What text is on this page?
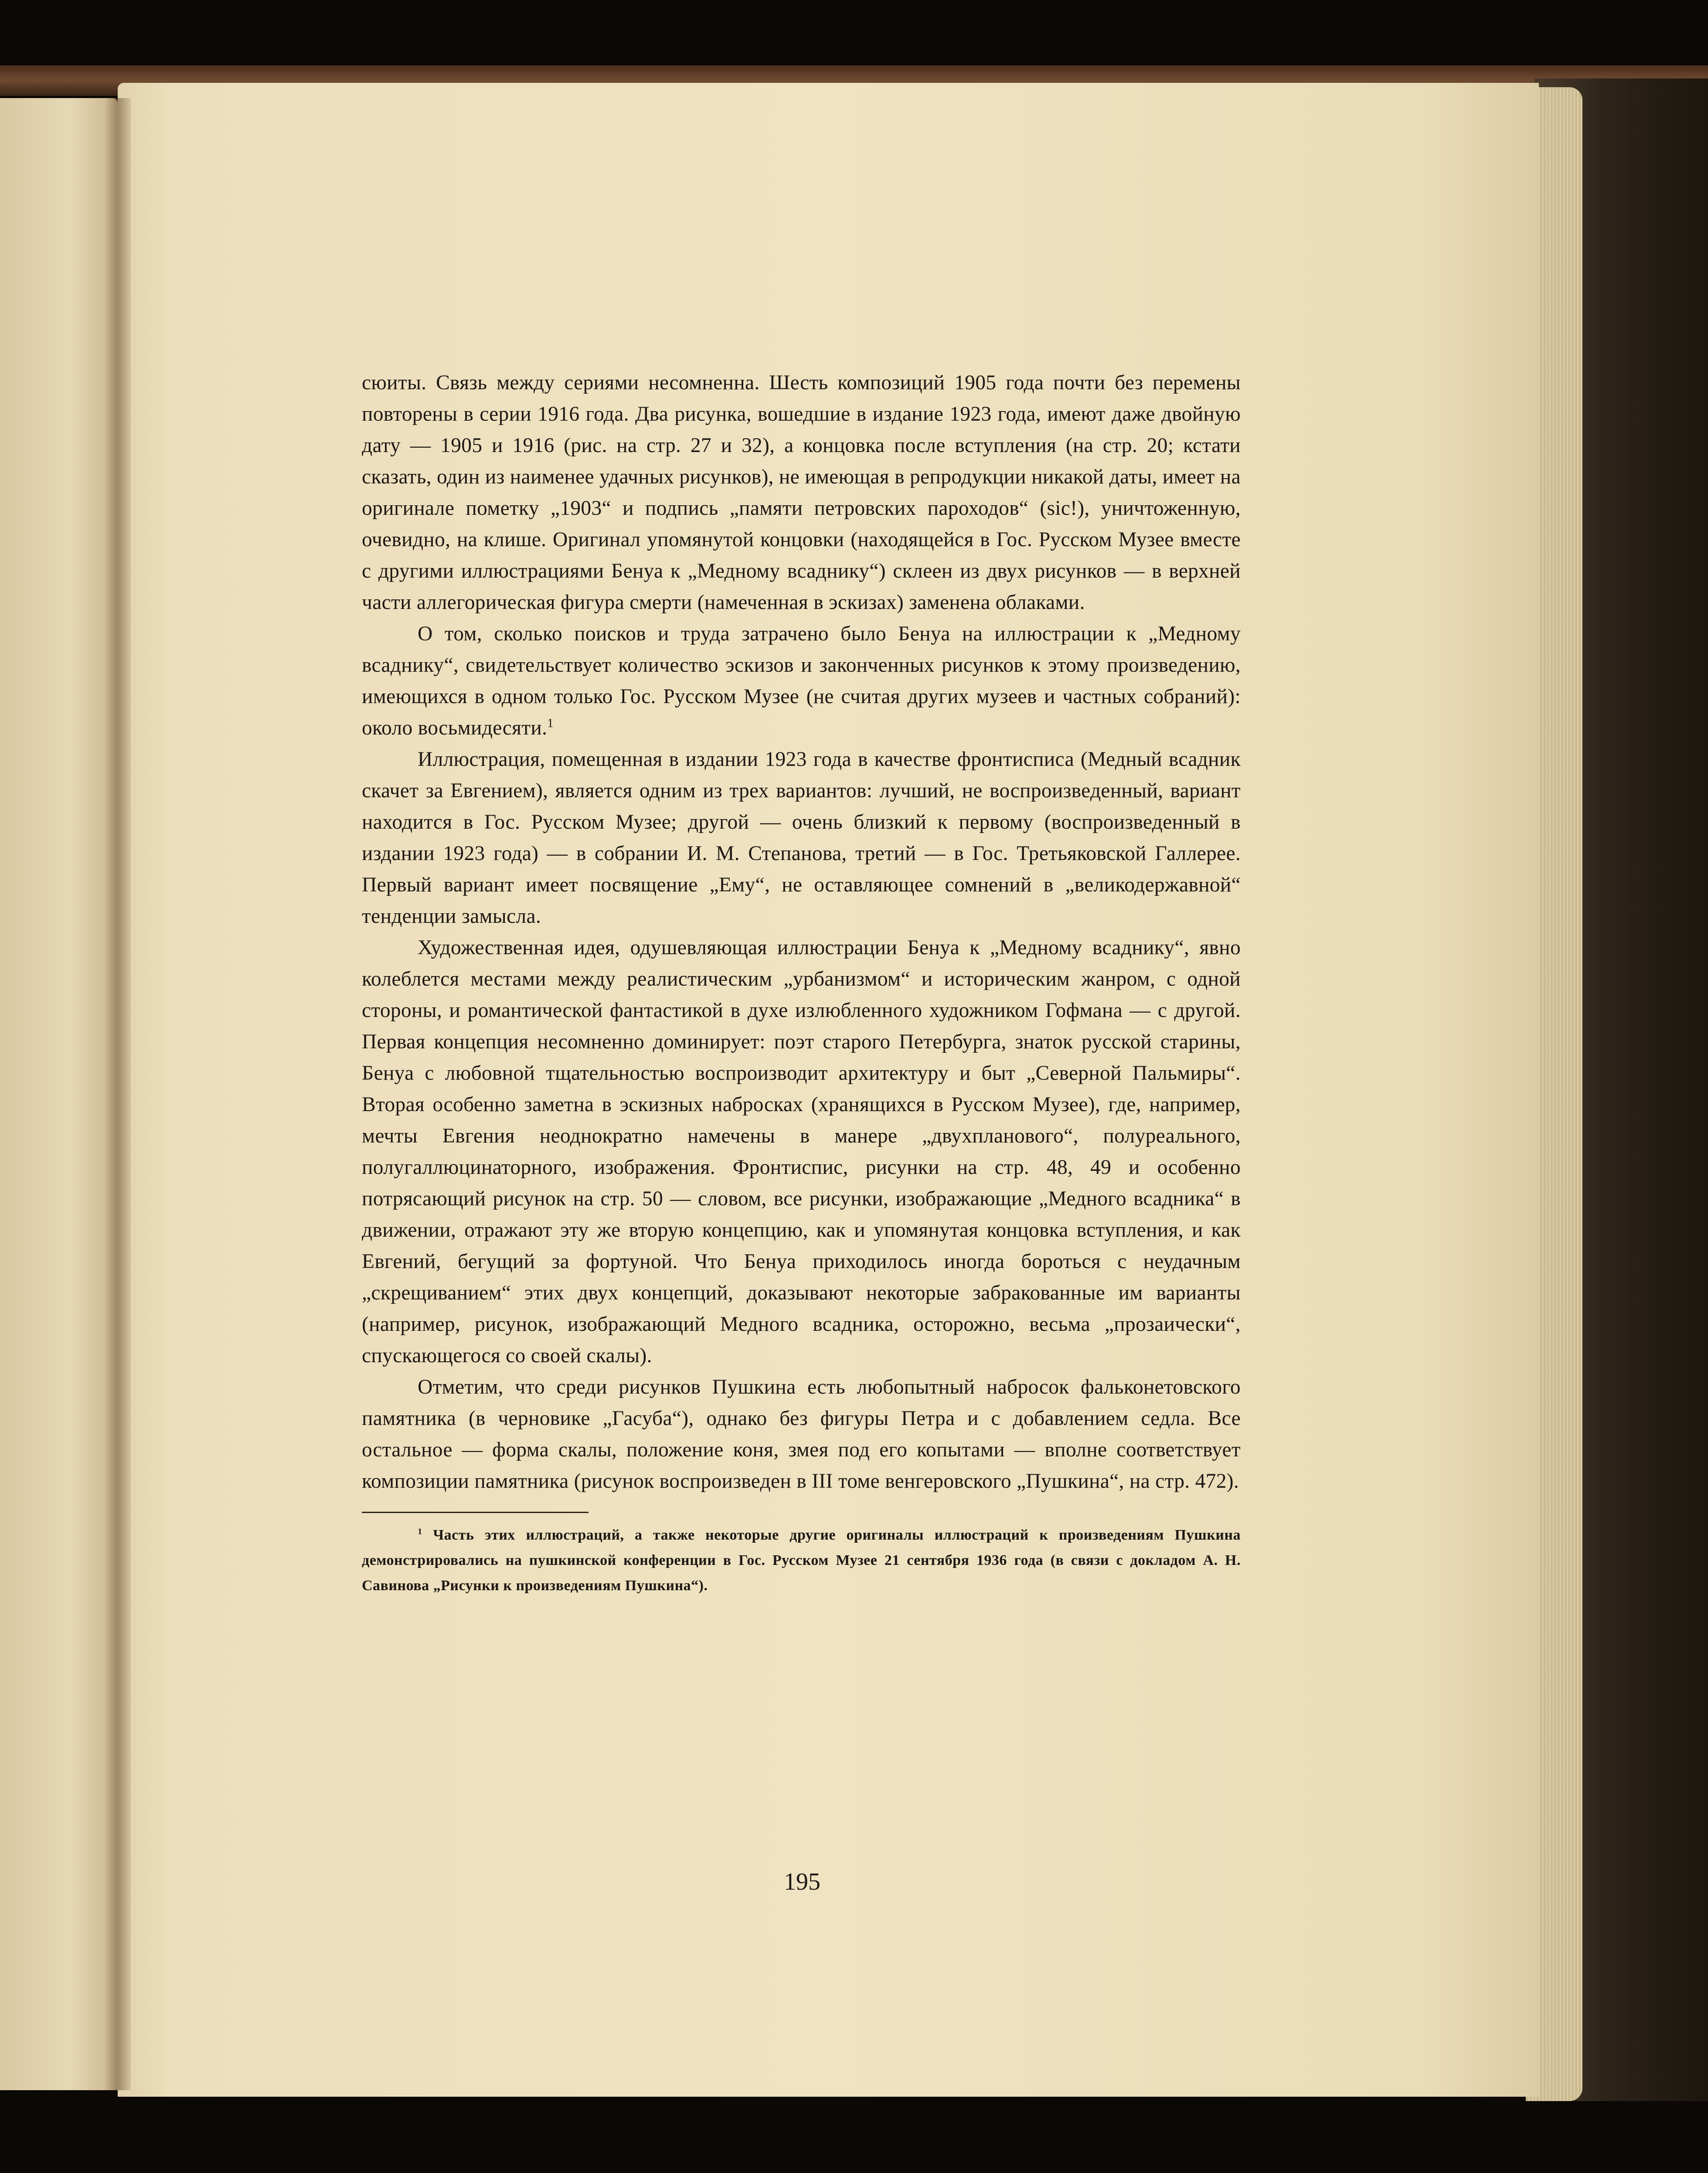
сюиты. Связь между сериями несомненна. Шесть композиций 1905 года почти без перемены повторены в серии 1916 года. Два рисунка, вошедшие в издание 1923 года, имеют даже двойную дату — 1905 и 1916 (рис. на стр. 27 и 32), а концовка после вступления (на стр. 20; кстати сказать, один из наименее удачных рисунков), не имеющая в репродукции никакой даты, имеет на оригинале пометку „1903“ и подпись „памяти петровских пароходов“ (sic!), уничтоженную, очевидно, на клише. Оригинал упомянутой концовки (находящейся в Гос. Русском Музее вместе с другими иллюстрациями Бенуа к „Медному всаднику“) склеен из двух рисунков — в верхней части аллегорическая фигура смерти (намеченная в эскизах) заменена облаками.

О том, сколько поисков и труда затрачено было Бенуа на иллюстрации к „Медному всаднику“, свидетельствует количество эскизов и законченных рисунков к этому произведению, имеющихся в одном только Гос. Русском Музее (не считая других музеев и частных собраний): около восьмидесяти.$^1$

Иллюстрация, помещенная в издании 1923 года в качестве фронтисписа (Медный всадник скачет за Евгением), является одним из трех вариантов: лучший, не воспроизведенный, вариант находится в Гос. Русском Музее; другой — очень близкий к первому (воспроизведенный в издании 1923 года) — в собрании И. М. Степанова, третий — в Гос. Третьяковской Галлерее. Первый вариант имеет посвящение „Ему“, не оставляющее сомнений в „великодержавной“ тенденции замысла.

Художественная идея, одушевляющая иллюстрации Бенуа к „Медному всаднику“, явно колеблется местами между реалистическим „урбанизмом“ и историческим жанром, с одной стороны, и романтической фантастикой в духе излюбленного художником Гофмана — с другой. Первая концепция несомненно доминирует: поэт старого Петербурга, знаток русской старины, Бенуа с любовной тщательностью воспроизводит архитектуру и быт „Северной Пальмиры“. Вторая особенно заметна в эскизных набросках (хранящихся в Русском Музее), где, например, мечты Евгения неоднократно намечены в манере „двухпланового“, полуреального, полугаллюцинаторного, изображения. Фронтиспис, рисунки на стр. 48, 49 и особенно потрясающий рисунок на стр. 50 — словом, все рисунки, изображающие „Медного всадника“ в движении, отражают эту же вторую концепцию, как и упомянутая концовка вступления, и как Евгений, бегущий за фортуной. Что Бенуа приходилось иногда бороться с неудачным „скрещиванием“ этих двух концепций, доказывают некоторые забракованные им варианты (например, рисунок, изображающий Медного всадника, осторожно, весьма „прозаически“, спускающегося со своей скалы).

Отметим, что среди рисунков Пушкина есть любопытный набросок фальконетовского памятника (в черновике „Гасуба“), однако без фигуры Петра и с добавлением седла. Все остальное — форма скалы, положение коня, змея под его копытами — вполне соответствует композиции памятника (рисунок воспроизведен в III томе венгеровского „Пушкина“, на стр. 472).

$^1$ Часть этих иллюстраций, а также некоторые другие оригиналы иллюстраций к произведениям Пушкина демонстрировались на пушкинской конференции в Гос. Русском Музее 21 сентября 1936 года (в связи с докладом А. Н. Савинова „Рисунки к произведениям Пушкина“).

195
